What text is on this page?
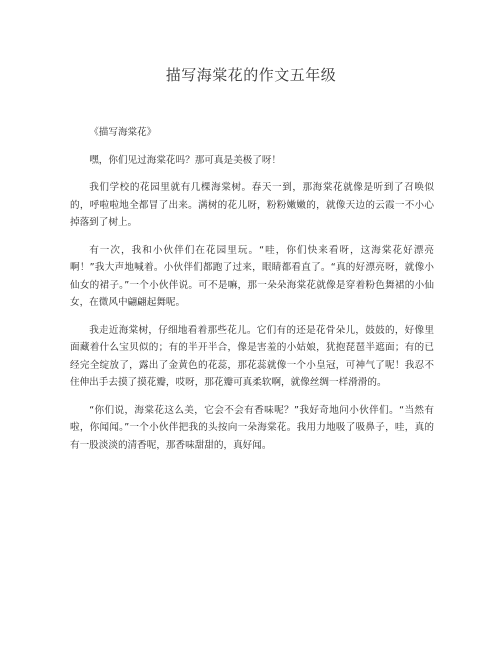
描写海棠花的作文五年级

《描写海棠花》

嘿，你们见过海棠花吗？那可真是美极了呀！

我们学校的花园里就有几棵海棠树。春天一到，那海棠花就像是听到了召唤似的，呼啦啦地全都冒了出来。满树的花儿呀，粉粉嫩嫩的，就像天边的云霞一不小心掉落到了树上。

有一次，我和小伙伴们在花园里玩。“哇，你们快来看呀，这海棠花好漂亮啊！”我大声地喊着。小伙伴们都跑了过来，眼睛都看直了。“真的好漂亮呀，就像小仙女的裙子。”一个小伙伴说。可不是嘛，那一朵朵海棠花就像是穿着粉色舞裙的小仙女，在微风中翩翩起舞呢。

我走近海棠树，仔细地看着那些花儿。它们有的还是花骨朵儿，鼓鼓的，好像里面藏着什么宝贝似的；有的半开半合，像是害羞的小姑娘，犹抱琵琶半遮面；有的已经完全绽放了，露出了金黄色的花蕊，那花蕊就像一个小皇冠，可神气了呢！我忍不住伸出手去摸了摸花瓣，哎呀，那花瓣可真柔软啊，就像丝绸一样滑滑的。

“你们说，海棠花这么美，它会不会有香味呢？”我好奇地问小伙伴们。“当然有啦，你闻闻。”一个小伙伴把我的头按向一朵海棠花。我用力地吸了吸鼻子，哇，真的有一股淡淡的清香呢，那香味甜甜的，真好闻。
